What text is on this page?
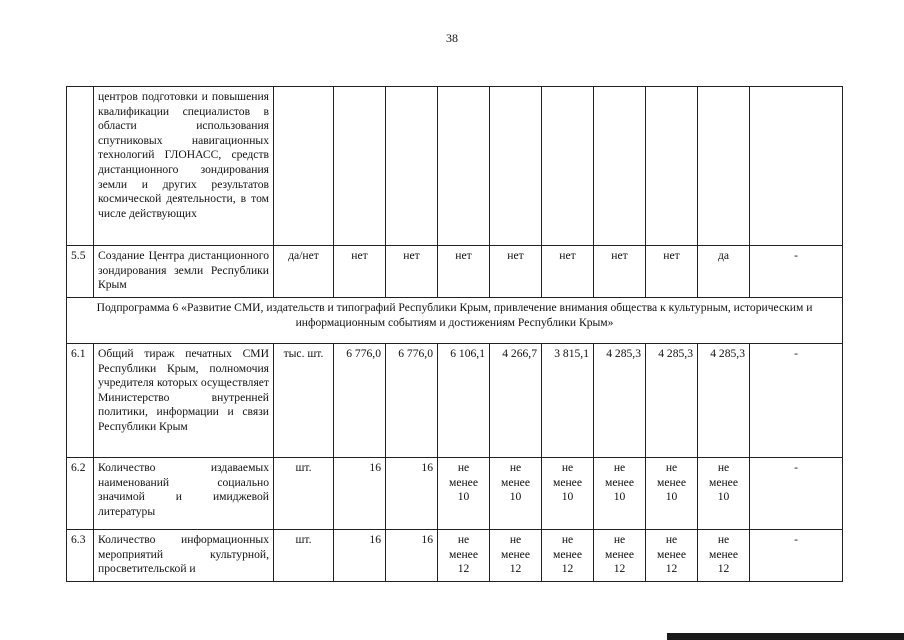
38
	центров подготовки и повышения квалификации специалистов в области использования спутниковых навигационных технологий ГЛОНАСС, средств дистанционного зондирования земли и других результатов космической деятельности, в том числе действующих										
5.5	Создание Центра дистанционного зондирования земли Республики Крым	да/нет	нет	нет	нет	нет	нет	нет	нет	да	-
Подпрограмма 6 «Развитие СМИ, издательств и типографий Республики Крым, привлечение внимания общества к культурным, историческим и информационным событиям и достижениям Республики Крым»											
6.1	Общий тираж печатных СМИ Республики Крым, полномочия учредителя которых осуществляет Министерство внутренней политики, информации и связи Республики Крым	тыс. шт.	6 776,0	6 776,0	6 106,1	4 266,7	3 815,1	4 285,3	4 285,3	4 285,3	-
6.2	Количество издаваемых наименований социально значимой и имиджевой литературы	шт.	16	16	не менее 10	не менее 10	не менее 10	не менее 10	не менее 10	не менее 10	-
6.3	Количество информационных мероприятий культурной, просветительской и	шт.	16	16	не менее 12	не менее 12	не менее 12	не менее 12	не менее 12	не менее 12	-
